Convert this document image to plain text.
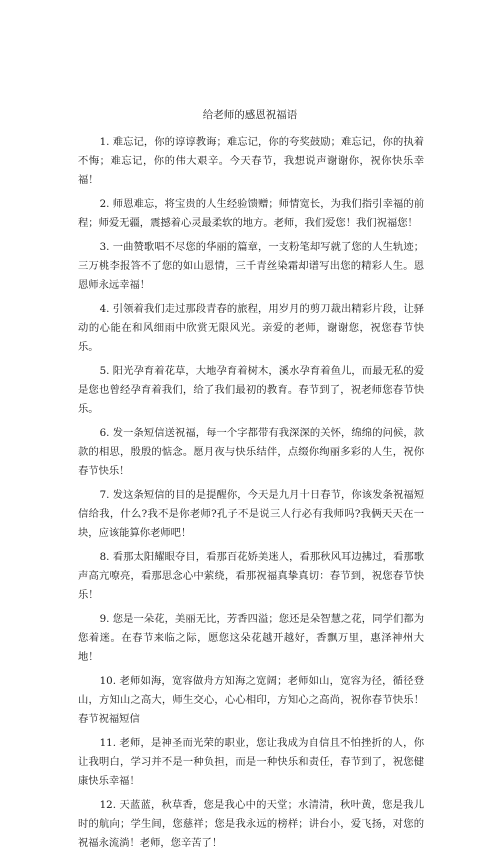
给老师的感恩祝福语

1. 难忘记，你的谆谆教诲；难忘记，你的夸奖鼓励；难忘记，你的执着不悔；难忘记，你的伟大艰辛。今天春节，我想说声谢谢你，祝你快乐幸福！

2. 师恩难忘，将宝贵的人生经验馈赠；师情宽长，为我们指引幸福的前程；师爱无疆，震撼着心灵最柔软的地方。老师，我们爱您！我们祝福您！

3. 一曲赞歌唱不尽您的华丽的篇章，一支粉笔却写就了您的人生轨迹；三万桃李报答不了您的如山恩情，三千青丝染霜却谱写出您的精彩人生。恩恩师永远幸福！

4. 引领着我们走过那段青春的旅程，用岁月的剪刀裁出精彩片段，让驿动的心能在和风细雨中欣赏无限风光。亲爱的老师，谢谢您，祝您春节快乐。

5. 阳光孕育着花草，大地孕育着树木，溪水孕育着鱼儿，而最无私的爱是您也曾经孕育着我们，给了我们最初的教育。春节到了，祝老师您春节快乐。

6. 发一条短信送祝福，每一个字都带有我深深的关怀，绵绵的问候，款款的相思，殷殷的惦念。愿月夜与快乐结伴，点缀你绚丽多彩的人生，祝你春节快乐！

7. 发这条短信的目的是提醒你，今天是九月十日春节，你该发条祝福短信给我，什么?我不是你老师?孔子不是说三人行必有我师吗?我俩天天在一块，应该能算你老师吧！

8. 看那太阳耀眼夺目，看那百花娇美迷人，看那秋风耳边拂过，看那歌声高亢嘹亮，看那思念心中萦绕，看那祝福真挚真切：春节到，祝您春节快乐！

9. 您是一朵花，美丽无比，芳香四溢；您还是朵智慧之花，同学们都为您着迷。在春节来临之际，愿您这朵花越开越好，香飘万里，惠泽神州大地！

10. 老师如海，宽容做舟方知海之宽阔；老师如山，宽容为径，循径登山，方知山之高大，师生交心，心心相印，方知心之高尚，祝你春节快乐！春节祝福短信

11. 老师，是神圣而光荣的职业，您让我成为自信且不怕挫折的人，你让我明白，学习并不是一种负担，而是一种快乐和责任，春节到了，祝您健康快乐幸福！

12. 天蓝蓝，秋草香，您是我心中的天堂；水清清，秋叶黄，您是我儿时的航向；学生间，您慈祥；您是我永远的榜样；讲台小，爱飞扬，对您的祝福永流淌！老师，您辛苦了！
